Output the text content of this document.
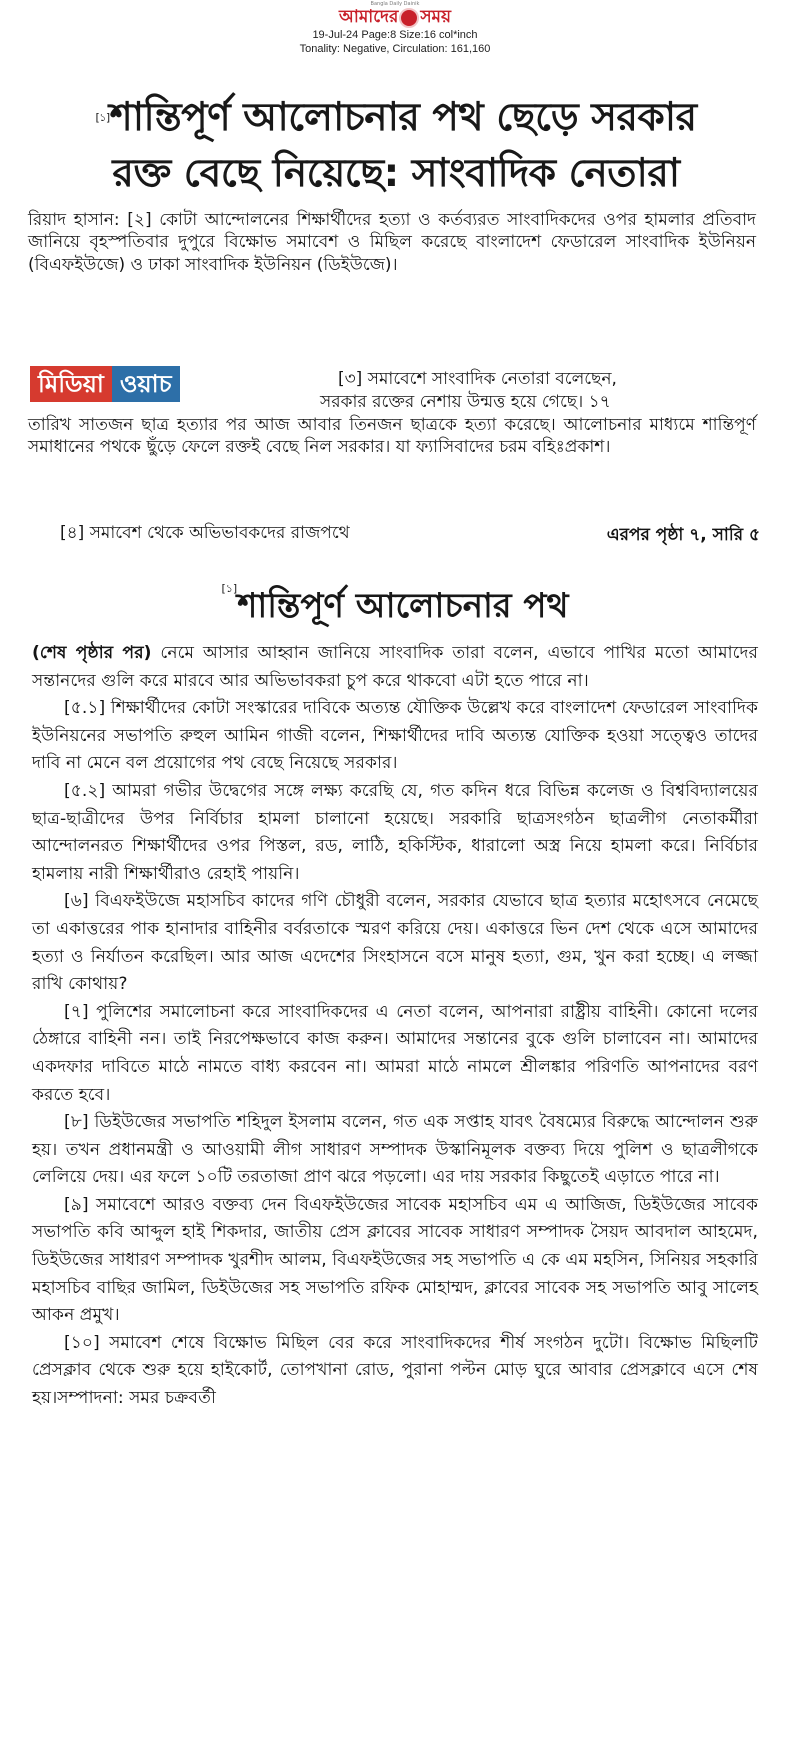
Bangla Daily Dainik
আমাদের সময়
19-Jul-24 Page:8 Size:16 col*inch
Tonality: Negative, Circulation: 161,160
[১]শান্তিপূর্ণ আলোচনার পথ ছেড়ে সরকার
রক্ত বেছে নিয়েছে: সাংবাদিক নেতারা
রিয়াদ হাসান: [২] কোটা আন্দোলনের শিক্ষার্থীদের হত্যা ও কর্তব্যরত সাংবাদিকদের ওপর হামলার প্রতিবাদ জানিয়ে বৃহস্পতিবার দুপুরে বিক্ষোভ সমাবেশ ও মিছিল করেছে বাংলাদেশ ফেডারেল সাংবাদিক ইউনিয়ন (বিএফইউজে) ও ঢাকা সাংবাদিক ইউনিয়ন (ডিইউজে)।
মিডিয়া ওয়াচ	[৩] সমাবেশে সাংবাদিক নেতারা বলেছেন,
সরকার রক্তের নেশায় উন্মত্ত হয়ে গেছে। ১৭
তারিখ সাতজন ছাত্র হত্যার পর আজ আবার তিনজন ছাত্রকে হত্যা করেছে। আলোচনার মাধ্যমে শান্তিপূর্ণ সমাধানের পথকে ছুঁড়ে ফেলে রক্তই বেছে নিল সরকার। যা ফ্যাসিবাদের চরম বহিঃপ্রকাশ।
[৪] সমাবেশ থেকে অভিভাবকদের রাজপথে	এরপর পৃষ্ঠা ৭, সারি ৫
[১]শান্তিপূর্ণ আলোচনার পথ
(শেষ পৃষ্ঠার পর) নেমে আসার আহ্বান জানিয়ে সাংবাদিক তারা বলেন, এভাবে পাখির মতো আমাদের সন্তানদের গুলি করে মারবে আর অভিভাবকরা চুপ করে থাকবো এটা হতে পারে না।
[৫.১] শিক্ষার্থীদের কোটা সংস্কারের দাবিকে অত্যন্ত যৌক্তিক উল্লেখ করে বাংলাদেশ ফেডারেল সাংবাদিক ইউনিয়নের সভাপতি রুহুল আমিন গাজী বলেন, শিক্ষার্থীদের দাবি অত্যন্ত যোক্তিক হওয়া সত্ত্বেও তাদের দাবি না মেনে বল প্রয়োগের পথ বেছে নিয়েছে সরকার।
[৫.২] আমরা গভীর উদ্বেগের সঙ্গে লক্ষ্য করেছি যে, গত কদিন ধরে বিভিন্ন কলেজ ও বিশ্ববিদ্যালয়ের ছাত্র-ছাত্রীদের উপর নির্বিচার হামলা চালানো হয়েছে। সরকারি ছাত্রসংগঠন ছাত্রলীগ নেতাকর্মীরা আন্দোলনরত শিক্ষার্থীদের ওপর পিস্তল, রড, লাঠি, হকিস্টিক, ধারালো অস্ত্র নিয়ে হামলা করে। নির্বিচার হামলায় নারী শিক্ষার্থীরাও রেহাই পায়নি।
[৬] বিএফইউজে মহাসচিব কাদের গণি চৌধুরী বলেন, সরকার যেভাবে ছাত্র হত্যার মহোৎসবে নেমেছে তা একাত্তরের পাক হানাদার বাহিনীর বর্বরতাকে স্মরণ করিয়ে দেয়। একাত্তরে ভিন দেশ থেকে এসে আমাদের হত্যা ও নির্যাতন করেছিল। আর আজ এদেশের সিংহাসনে বসে মানুষ হত্যা, গুম, খুন করা হচ্ছে। এ লজ্জা রাখি কোথায়?
[৭] পুলিশের সমালোচনা করে সাংবাদিকদের এ নেতা বলেন, আপনারা রাষ্ট্রীয় বাহিনী। কোনো দলের ঠেঙ্গারে বাহিনী নন। তাই নিরপেক্ষভাবে কাজ করুন। আমাদের সন্তানের বুকে গুলি চালাবেন না। আমাদের একদফার দাবিতে মাঠে নামতে বাধ্য করবেন না। আমরা মাঠে নামলে শ্রীলঙ্কার পরিণতি আপনাদের বরণ করতে হবে।
[৮] ডিইউজের সভাপতি শহিদুল ইসলাম বলেন, গত এক সপ্তাহ যাবৎ বৈষম্যের বিরুদ্ধে আন্দোলন শুরু হয়। তখন প্রধানমন্ত্রী ও আওয়ামী লীগ সাধারণ সম্পাদক উস্কানিমূলক বক্তব্য দিয়ে পুলিশ ও ছাত্রলীগকে লেলিয়ে দেয়। এর ফলে ১০টি তরতাজা প্রাণ ঝরে পড়লো। এর দায় সরকার কিছুতেই এড়াতে পারে না।
[৯] সমাবেশে আরও বক্তব্য দেন বিএফইউজের সাবেক মহাসচিব এম এ আজিজ, ডিইউজের সাবেক সভাপতি কবি আব্দুল হাই শিকদার, জাতীয় প্রেস ক্লাবের সাবেক সাধারণ সম্পাদক সৈয়দ আবদাল আহমেদ, ডিইউজের সাধারণ সম্পাদক খুরশীদ আলম, বিএফইউজের সহ সভাপতি এ কে এম মহসিন, সিনিয়র সহকারি মহাসচিব বাছির জামিল, ডিইউজের সহ সভাপতি রফিক মোহাম্মদ, ক্লাবের সাবেক সহ সভাপতি আবু সালেহ আকন প্রমুখ।
[১০] সমাবেশ শেষে বিক্ষোভ মিছিল বের করে সাংবাদিকদের শীর্ষ সংগঠন দুটো। বিক্ষোভ মিছিলটি প্রেসক্লাব থেকে শুরু হয়ে হাইকোর্ট, তোপখানা রোড, পুরানা পল্টন মোড় ঘুরে আবার প্রেসক্লাবে এসে শেষ হয়।সম্পাদনা: সমর চক্রবর্তী
